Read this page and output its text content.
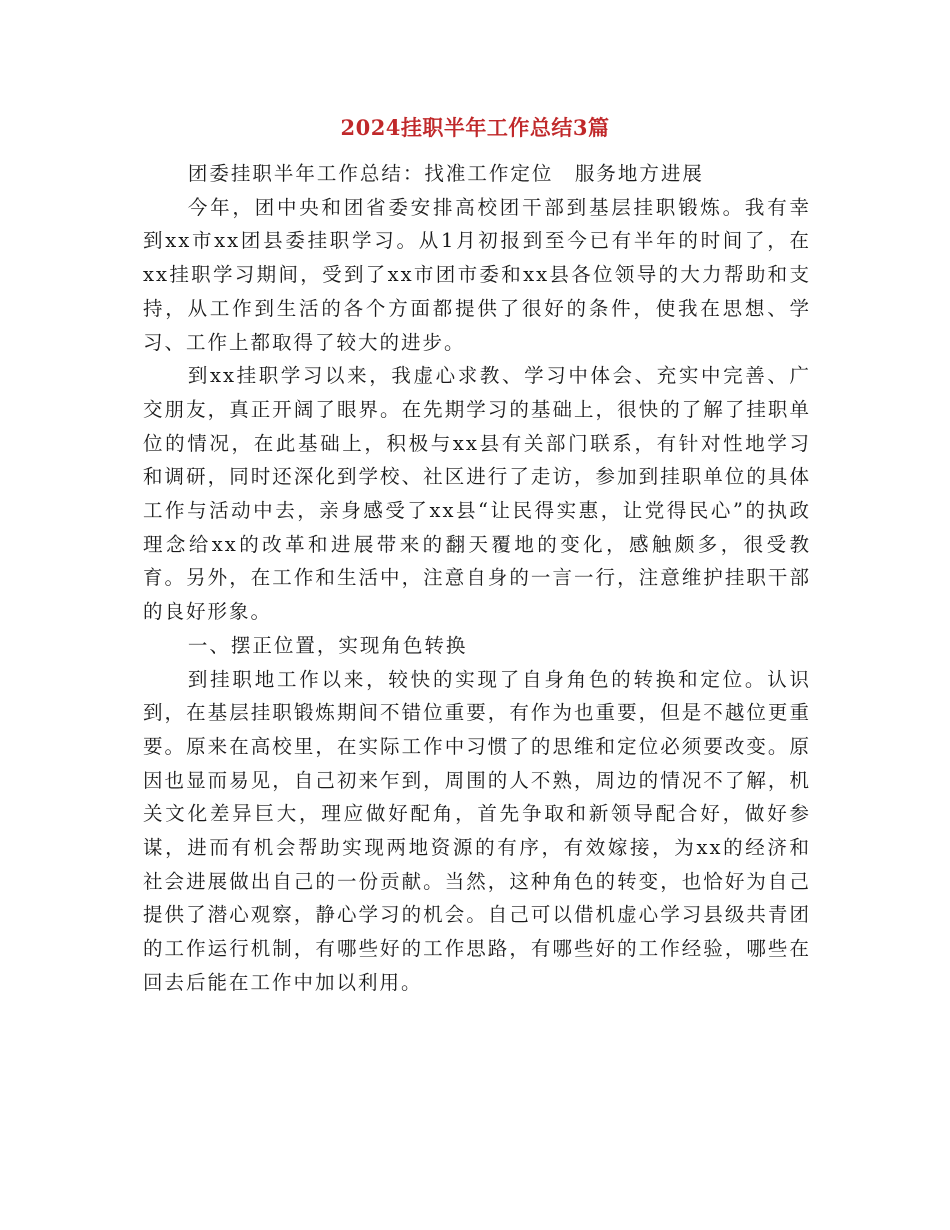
2024挂职半年工作总结3篇

团委挂职半年工作总结：找准工作定位　服务地方进展

今年，团中央和团省委安排高校团干部到基层挂职锻炼。我有幸到xx市xx团县委挂职学习。从1月初报到至今已有半年的时间了，在xx挂职学习期间，受到了xx市团市委和xx县各位领导的大力帮助和支持，从工作到生活的各个方面都提供了很好的条件，使我在思想、学习、工作上都取得了较大的进步。

到xx挂职学习以来，我虚心求教、学习中体会、充实中完善、广交朋友，真正开阔了眼界。在先期学习的基础上，很快的了解了挂职单位的情况，在此基础上，积极与xx县有关部门联系，有针对性地学习和调研，同时还深化到学校、社区进行了走访，参加到挂职单位的具体工作与活动中去，亲身感受了xx县“让民得实惠，让党得民心”的执政理念给xx的改革和进展带来的翻天覆地的变化，感触颇多，很受教育。另外，在工作和生活中，注意自身的一言一行，注意维护挂职干部的良好形象。

一、摆正位置，实现角色转换

到挂职地工作以来，较快的实现了自身角色的转换和定位。认识到，在基层挂职锻炼期间不错位重要，有作为也重要，但是不越位更重要。原来在高校里，在实际工作中习惯了的思维和定位必须要改变。原因也显而易见，自己初来乍到，周围的人不熟，周边的情况不了解，机关文化差异巨大，理应做好配角，首先争取和新领导配合好，做好参谋，进而有机会帮助实现两地资源的有序，有效嫁接，为xx的经济和社会进展做出自己的一份贡献。当然，这种角色的转变，也恰好为自己提供了潜心观察，静心学习的机会。自己可以借机虚心学习县级共青团的工作运行机制，有哪些好的工作思路，有哪些好的工作经验，哪些在回去后能在工作中加以利用。
